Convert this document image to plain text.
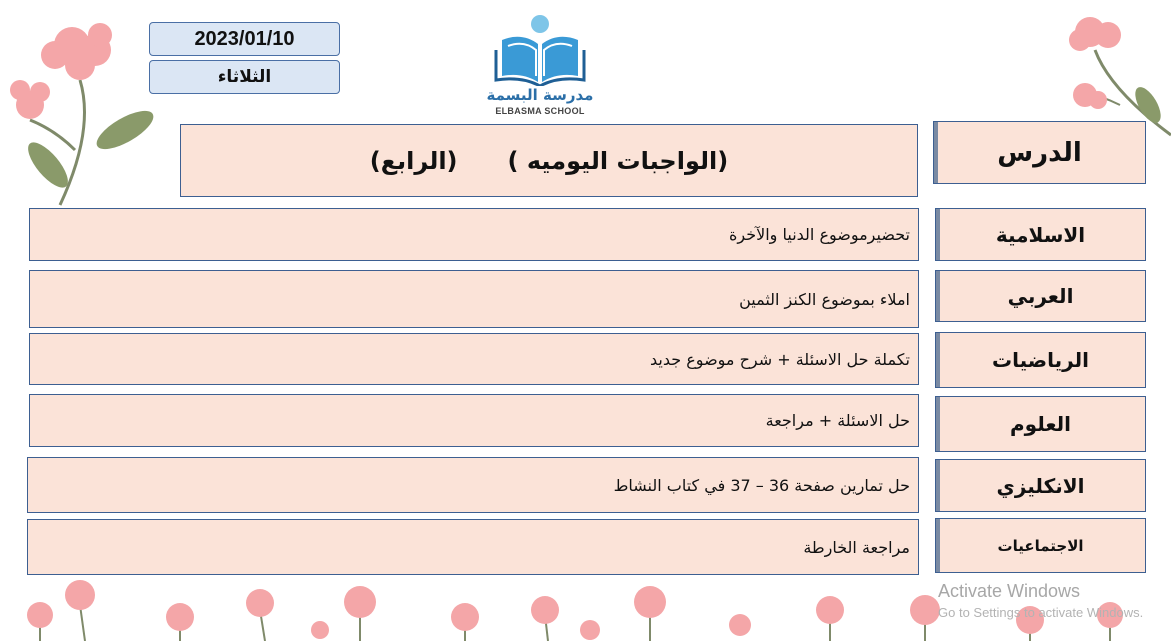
2023/01/10
الثلاثاء
مدرسة البسمة
ELBASMA SCHOOL
(الواجبات اليوميه )
(الرابع)	الدرس
تحضيرموضوع الدنيا والآخرة	الاسلامية
املاء بموضوع الكنز الثمين	العربي
تكملة حل الاسئلة + شرح موضوع جديد	الرياضيات
حل الاسئلة + مراجعة	العلوم
حل تمارين صفحة 36 – 37 في كتاب النشاط	الانكليزي
مراجعة الخارطة	الاجتماعيات
Activate Windows
Go to Settings to activate Windows.
